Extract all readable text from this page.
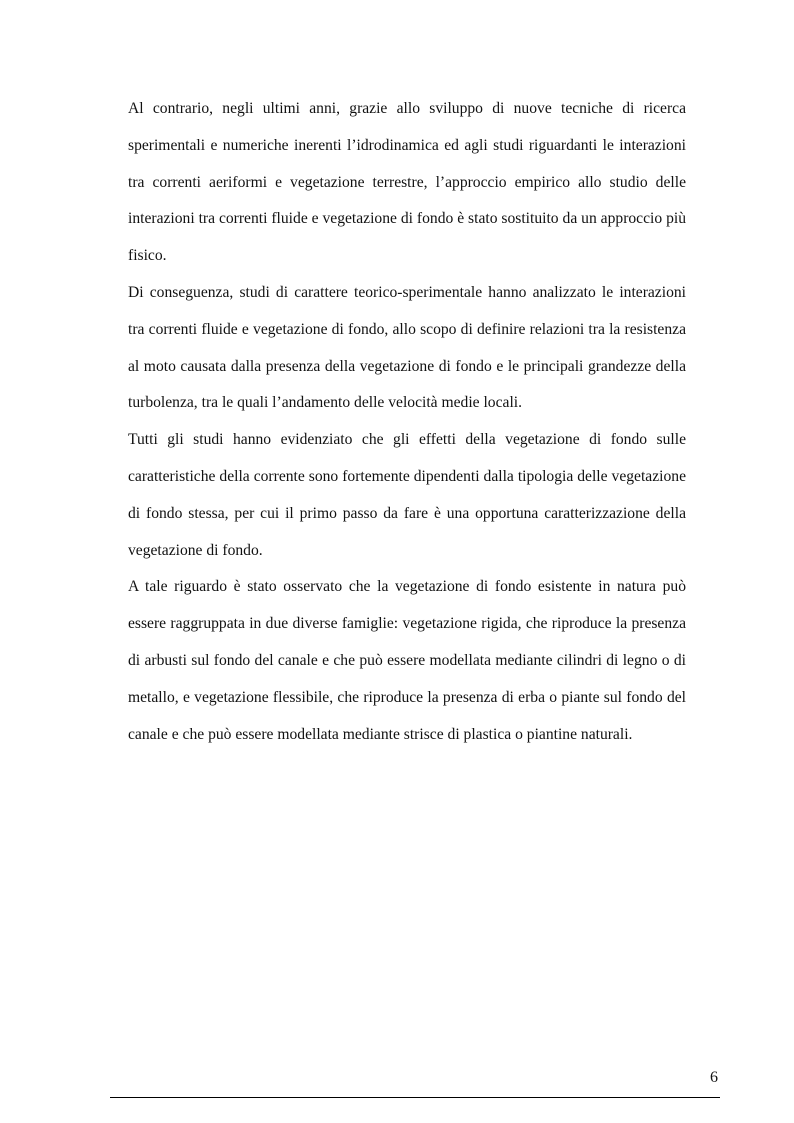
Al contrario, negli ultimi anni, grazie allo sviluppo di nuove tecniche di ricerca sperimentali e numeriche inerenti l’idrodinamica ed agli studi riguardanti le interazioni tra correnti aeriformi e vegetazione terrestre, l’approccio empirico allo studio delle interazioni tra correnti fluide e vegetazione di fondo è stato sostituito da un approccio più fisico.

Di conseguenza, studi di carattere teorico-sperimentale hanno analizzato le interazioni tra correnti fluide e vegetazione di fondo, allo scopo di definire relazioni tra la resistenza al moto causata dalla presenza della vegetazione di fondo e le principali grandezze della turbolenza, tra le quali l’andamento delle velocità medie locali.

Tutti gli studi hanno evidenziato che gli effetti della vegetazione di fondo sulle caratteristiche della corrente sono fortemente dipendenti dalla tipologia delle vegetazione di fondo stessa, per cui il primo passo da fare è una opportuna caratterizzazione della vegetazione di fondo.

A tale riguardo è stato osservato che la vegetazione di fondo esistente in natura può essere raggruppata in due diverse famiglie: vegetazione rigida, che riproduce la presenza di arbusti sul fondo del canale e che può essere modellata mediante cilindri di legno o di metallo, e vegetazione flessibile, che riproduce la presenza di erba o piante sul fondo del canale e che può essere modellata mediante strisce di plastica o piantine naturali.

6
